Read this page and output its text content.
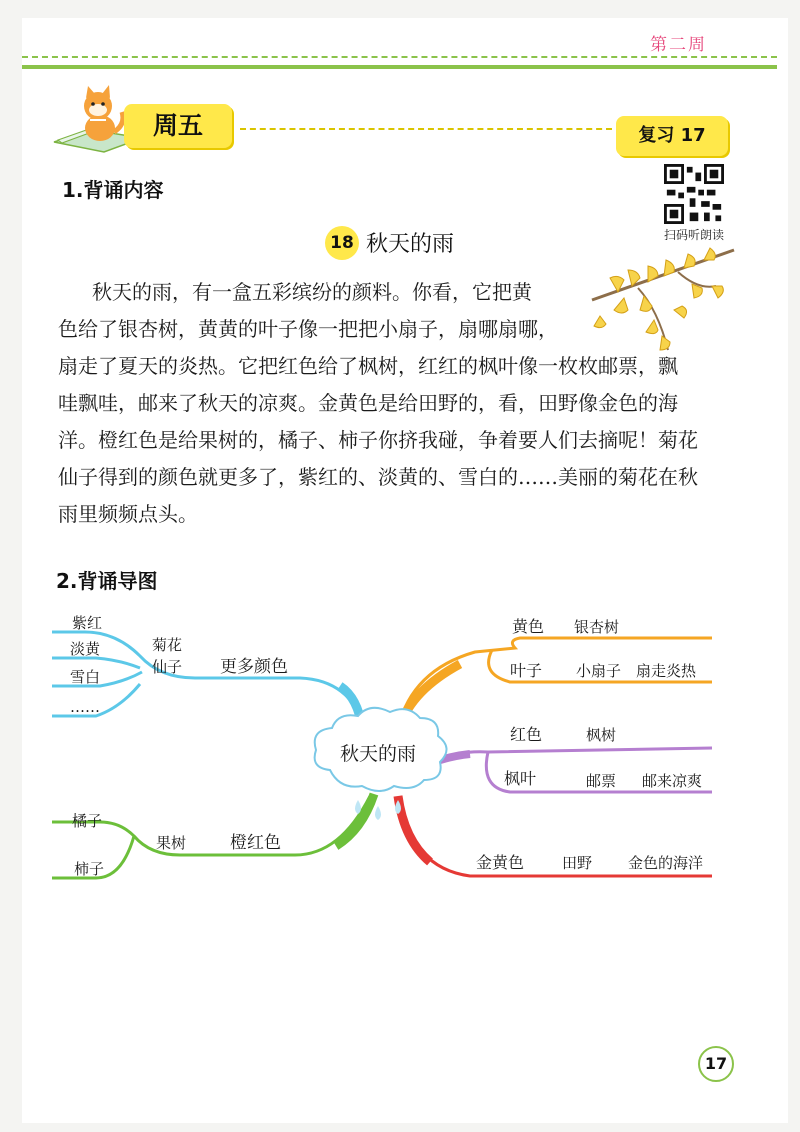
第二周
周五	复习 17
扫码听朗读
1.背诵内容
18 秋天的雨
秋天的雨，有一盒五彩缤纷的颜料。你看，它把黄
色给了银杏树，黄黄的叶子像一把把小扇子，扇哪扇哪，
扇走了夏天的炎热。它把红色给了枫树，红红的枫叶像一枚枚邮票，飘
哇飘哇，邮来了秋天的凉爽。金黄色是给田野的，看，田野像金色的海
洋。橙红色是给果树的，橘子、柿子你挤我碰，争着要人们去摘呢！菊花
仙子得到的颜色就更多了，紫红的、淡黄的、雪白的……美丽的菊花在秋
雨里频频点头。
2.背诵导图
秋天的雨
紫红
淡黄
雪白
……
菊花
仙子 更多颜色
黄色 银杏树
叶子 小扇子 扇走炎热
红色	枫树
枫叶	邮票 邮来凉爽
橘子
柿子
果树	橙红色
金黄色	田野 金色的海洋
17
